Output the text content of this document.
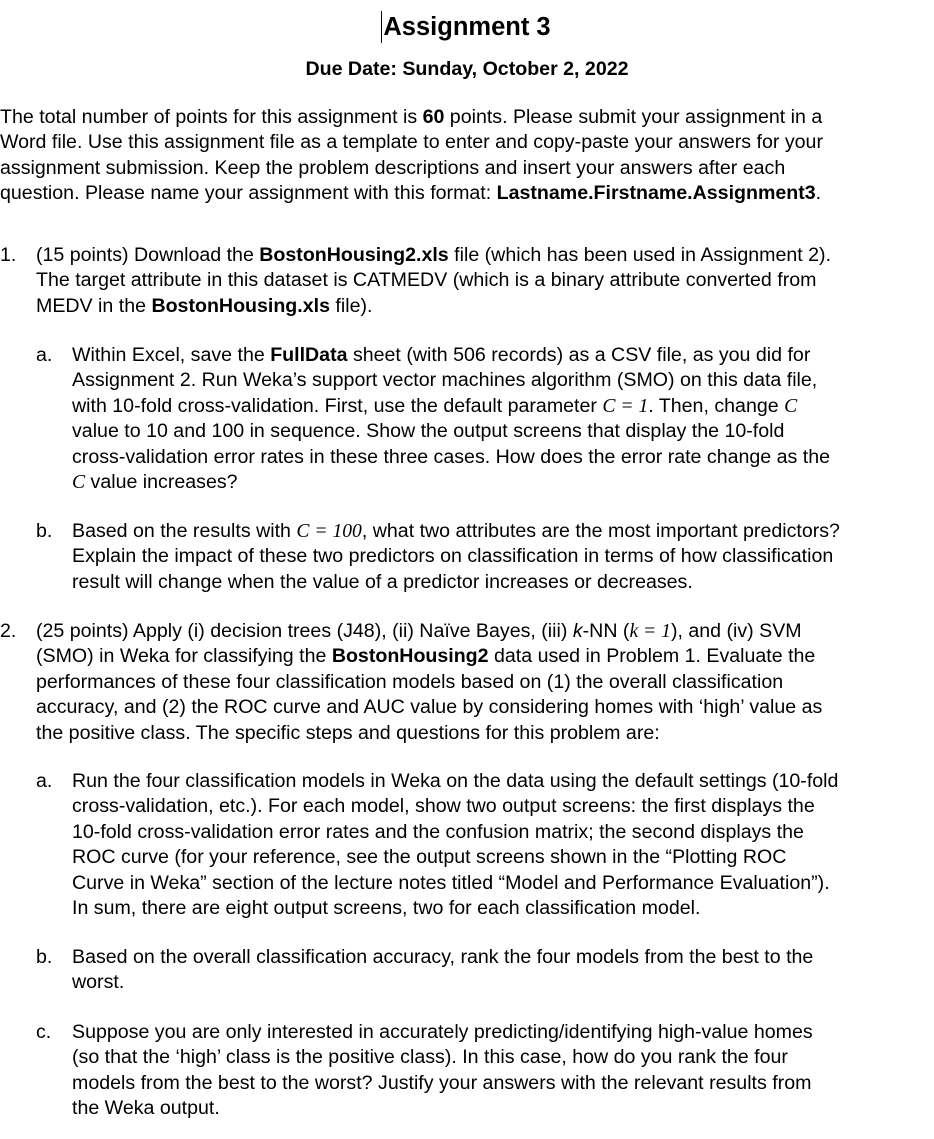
Assignment 3
Due Date: Sunday, October 2, 2022
The total number of points for this assignment is 60 points. Please submit your assignment in a
Word file. Use this assignment file as a template to enter and copy-paste your answers for your
assignment submission. Keep the problem descriptions and insert your answers after each
question. Please name your assignment with this format: Lastname.Firstname.Assignment3.
1. (15 points) Download the BostonHousing2.xls file (which has been used in Assignment 2).
The target attribute in this dataset is CATMEDV (which is a binary attribute converted from
MEDV in the BostonHousing.xls file).
a. Within Excel, save the FullData sheet (with 506 records) as a CSV file, as you did for
Assignment 2. Run Weka’s support vector machines algorithm (SMO) on this data file,
with 10-fold cross-validation. First, use the default parameter C = 1. Then, change C
value to 10 and 100 in sequence. Show the output screens that display the 10-fold
cross-validation error rates in these three cases. How does the error rate change as the
C value increases?
b. Based on the results with C = 100, what two attributes are the most important predictors?
Explain the impact of these two predictors on classification in terms of how classification
result will change when the value of a predictor increases or decreases.
2. (25 points) Apply (i) decision trees (J48), (ii) Naïve Bayes, (iii) k-NN (k = 1), and (iv) SVM
(SMO) in Weka for classifying the BostonHousing2 data used in Problem 1. Evaluate the
performances of these four classification models based on (1) the overall classification
accuracy, and (2) the ROC curve and AUC value by considering homes with ‘high’ value as
the positive class. The specific steps and questions for this problem are:
a. Run the four classification models in Weka on the data using the default settings (10-fold
cross-validation, etc.). For each model, show two output screens: the first displays the
10-fold cross-validation error rates and the confusion matrix; the second displays the
ROC curve (for your reference, see the output screens shown in the “Plotting ROC
Curve in Weka” section of the lecture notes titled “Model and Performance Evaluation”).
In sum, there are eight output screens, two for each classification model.
b. Based on the overall classification accuracy, rank the four models from the best to the
worst.
c. Suppose you are only interested in accurately predicting/identifying high-value homes
(so that the ‘high’ class is the positive class). In this case, how do you rank the four
models from the best to the worst? Justify your answers with the relevant results from
the Weka output.
